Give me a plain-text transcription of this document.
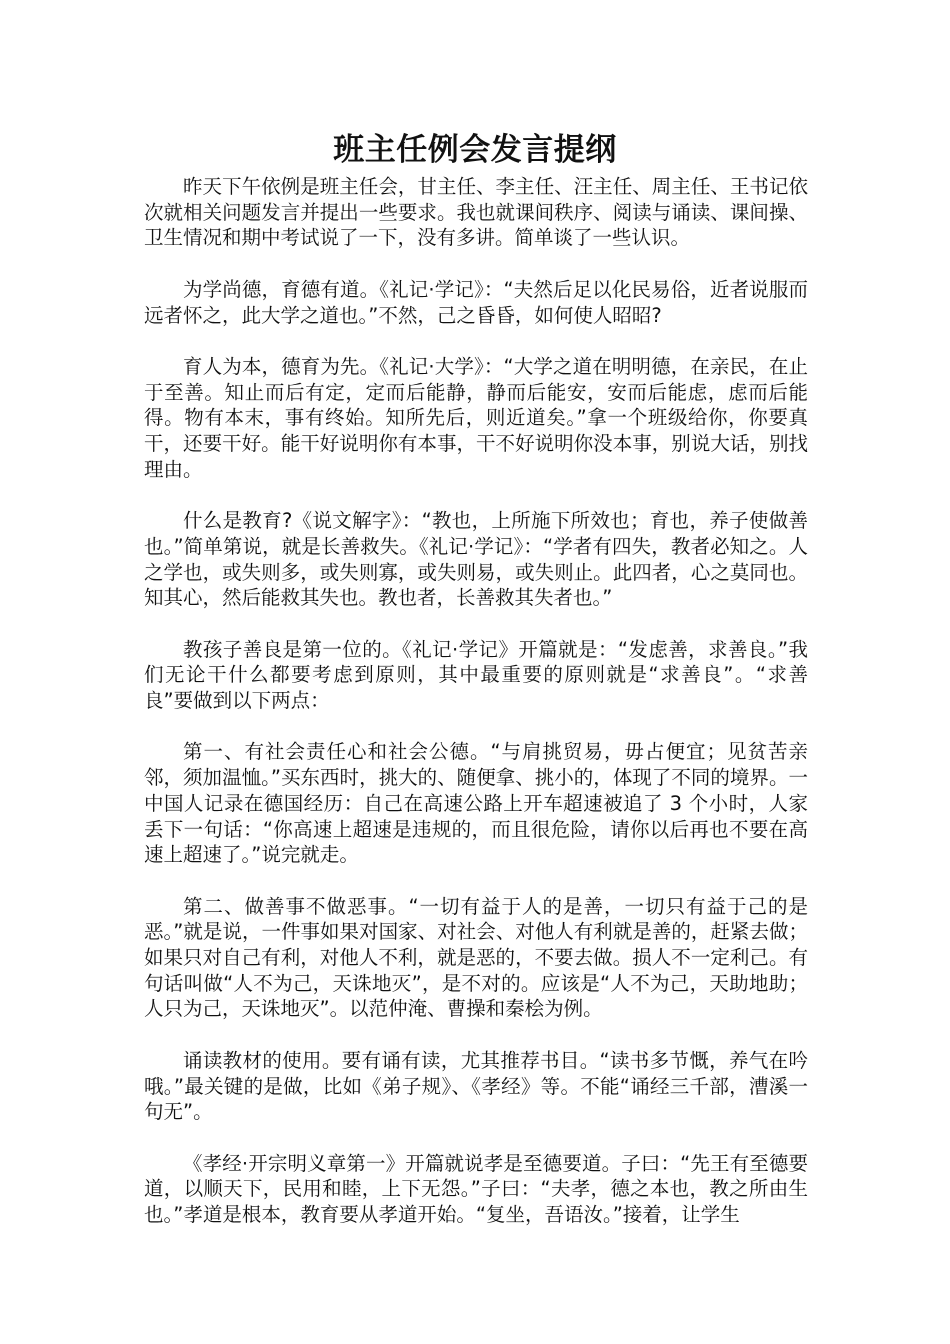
班主任例会发言提纲

昨天下午依例是班主任会，甘主任、李主任、汪主任、周主任、王书记依次就相关问题发言并提出一些要求。我也就课间秩序、阅读与诵读、课间操、卫生情况和期中考试说了一下，没有多讲。简单谈了一些认识。

为学尚德，育德有道。《礼记·学记》：“夫然后足以化民易俗，近者说服而远者怀之，此大学之道也。”不然，己之昏昏，如何使人昭昭?

育人为本，德育为先。《礼记·大学》：“大学之道在明明德，在亲民，在止于至善。知止而后有定，定而后能静，静而后能安，安而后能虑，虑而后能得。物有本末，事有终始。知所先后，则近道矣。”拿一个班级给你，你要真干，还要干好。能干好说明你有本事，干不好说明你没本事，别说大话，别找理由。

什么是教育?《说文解字》：“教也，上所施下所效也；育也，养子使做善也。”简单第说，就是长善救失。《礼记·学记》：“学者有四失，教者必知之。人之学也，或失则多，或失则寡，或失则易，或失则止。此四者，心之莫同也。知其心，然后能救其失也。教也者，长善救其失者也。”

教孩子善良是第一位的。《礼记·学记》开篇就是：“发虑善，求善良。”我们无论干什么都要考虑到原则，其中最重要的原则就是“求善良”。“求善良”要做到以下两点：

第一、有社会责任心和社会公德。“与肩挑贸易，毋占便宜；见贫苦亲邻，须加温恤。”买东西时，挑大的、随便拿、挑小的，体现了不同的境界。一中国人记录在德国经历：自己在高速公路上开车超速被追了 3 个小时，人家丢下一句话：“你高速上超速是违规的，而且很危险，请你以后再也不要在高速上超速了。”说完就走。

第二、做善事不做恶事。“一切有益于人的是善，一切只有益于己的是恶。”就是说，一件事如果对国家、对社会、对他人有利就是善的，赶紧去做；如果只对自己有利，对他人不利，就是恶的，不要去做。损人不一定利己。有句话叫做“人不为己，天诛地灭”，是不对的。应该是“人不为己，天助地助；人只为己，天诛地灭”。以范仲淹、曹操和秦桧为例。

诵读教材的使用。要有诵有读，尤其推荐书目。“读书多节慨，养气在吟哦。”最关键的是做，比如《弟子规》、《孝经》等。不能“诵经三千部，漕溪一句无”。

《孝经·开宗明义章第一》开篇就说孝是至德要道。子曰：“先王有至德要道，以顺天下，民用和睦，上下无怨。”子曰：“夫孝，德之本也，教之所由生也。”孝道是根本，教育要从孝道开始。“复坐，吾语汝。”接着，让学生
